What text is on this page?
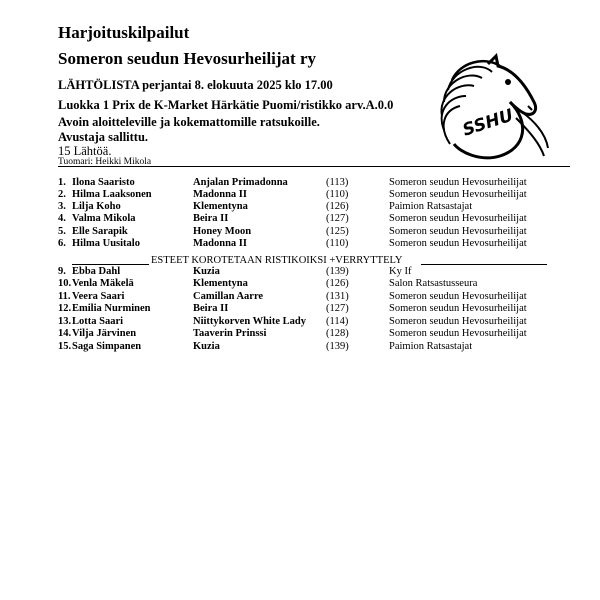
Harjoituskilpailut
Someron seudun Hevosurheilijat ry
LÄHTÖLISTA perjantai 8. elokuuta 2025 klo 17.00
Luokka 1 Prix de K-Market Härkätie Puomi/ristikko arv.A.0.0
Avoin aloitteleville ja kokemattomille ratsukoille.
Avustaja sallittu.
15 Lähtöä.
Tuomari: Heikki Mikola
SSHU
1. Ilona Saaristo	Anjalan Primadonna	(113)	Someron seudun Hevosurheilijat
2. Hilma Laaksonen	Madonna II	(110)	Someron seudun Hevosurheilijat
3. Lilja Koho	Klementyna	(126)	Paimion Ratsastajat
4. Valma Mikola	Beira II	(127)	Someron seudun Hevosurheilijat
5. Elle Sarapik	Honey Moon	(125)	Someron seudun Hevosurheilijat
6. Hilma Uusitalo	Madonna II	(110)	Someron seudun Hevosurheilijat
9. Ebba Dahl	Kuzia	(139)	Ky If
10. Venla Mäkelä	Klementyna	(126)	Salon Ratsastusseura
11. Veera Saari	Camillan Aarre	(131)	Someron seudun Hevosurheilijat
12. Emilia Nurminen	Beira II	(127)	Someron seudun Hevosurheilijat
13. Lotta Saari	Niittykorven White Lady (114)	Someron seudun Hevosurheilijat
14. Vilja Järvinen	Taaverin Prinssi	(128)	Someron seudun Hevosurheilijat
15. Saga Simpanen	Kuzia	(139)	Paimion Ratsastajat
ESTEET KOROTETAAN RISTIKOIKSI +VERRYTTELY
